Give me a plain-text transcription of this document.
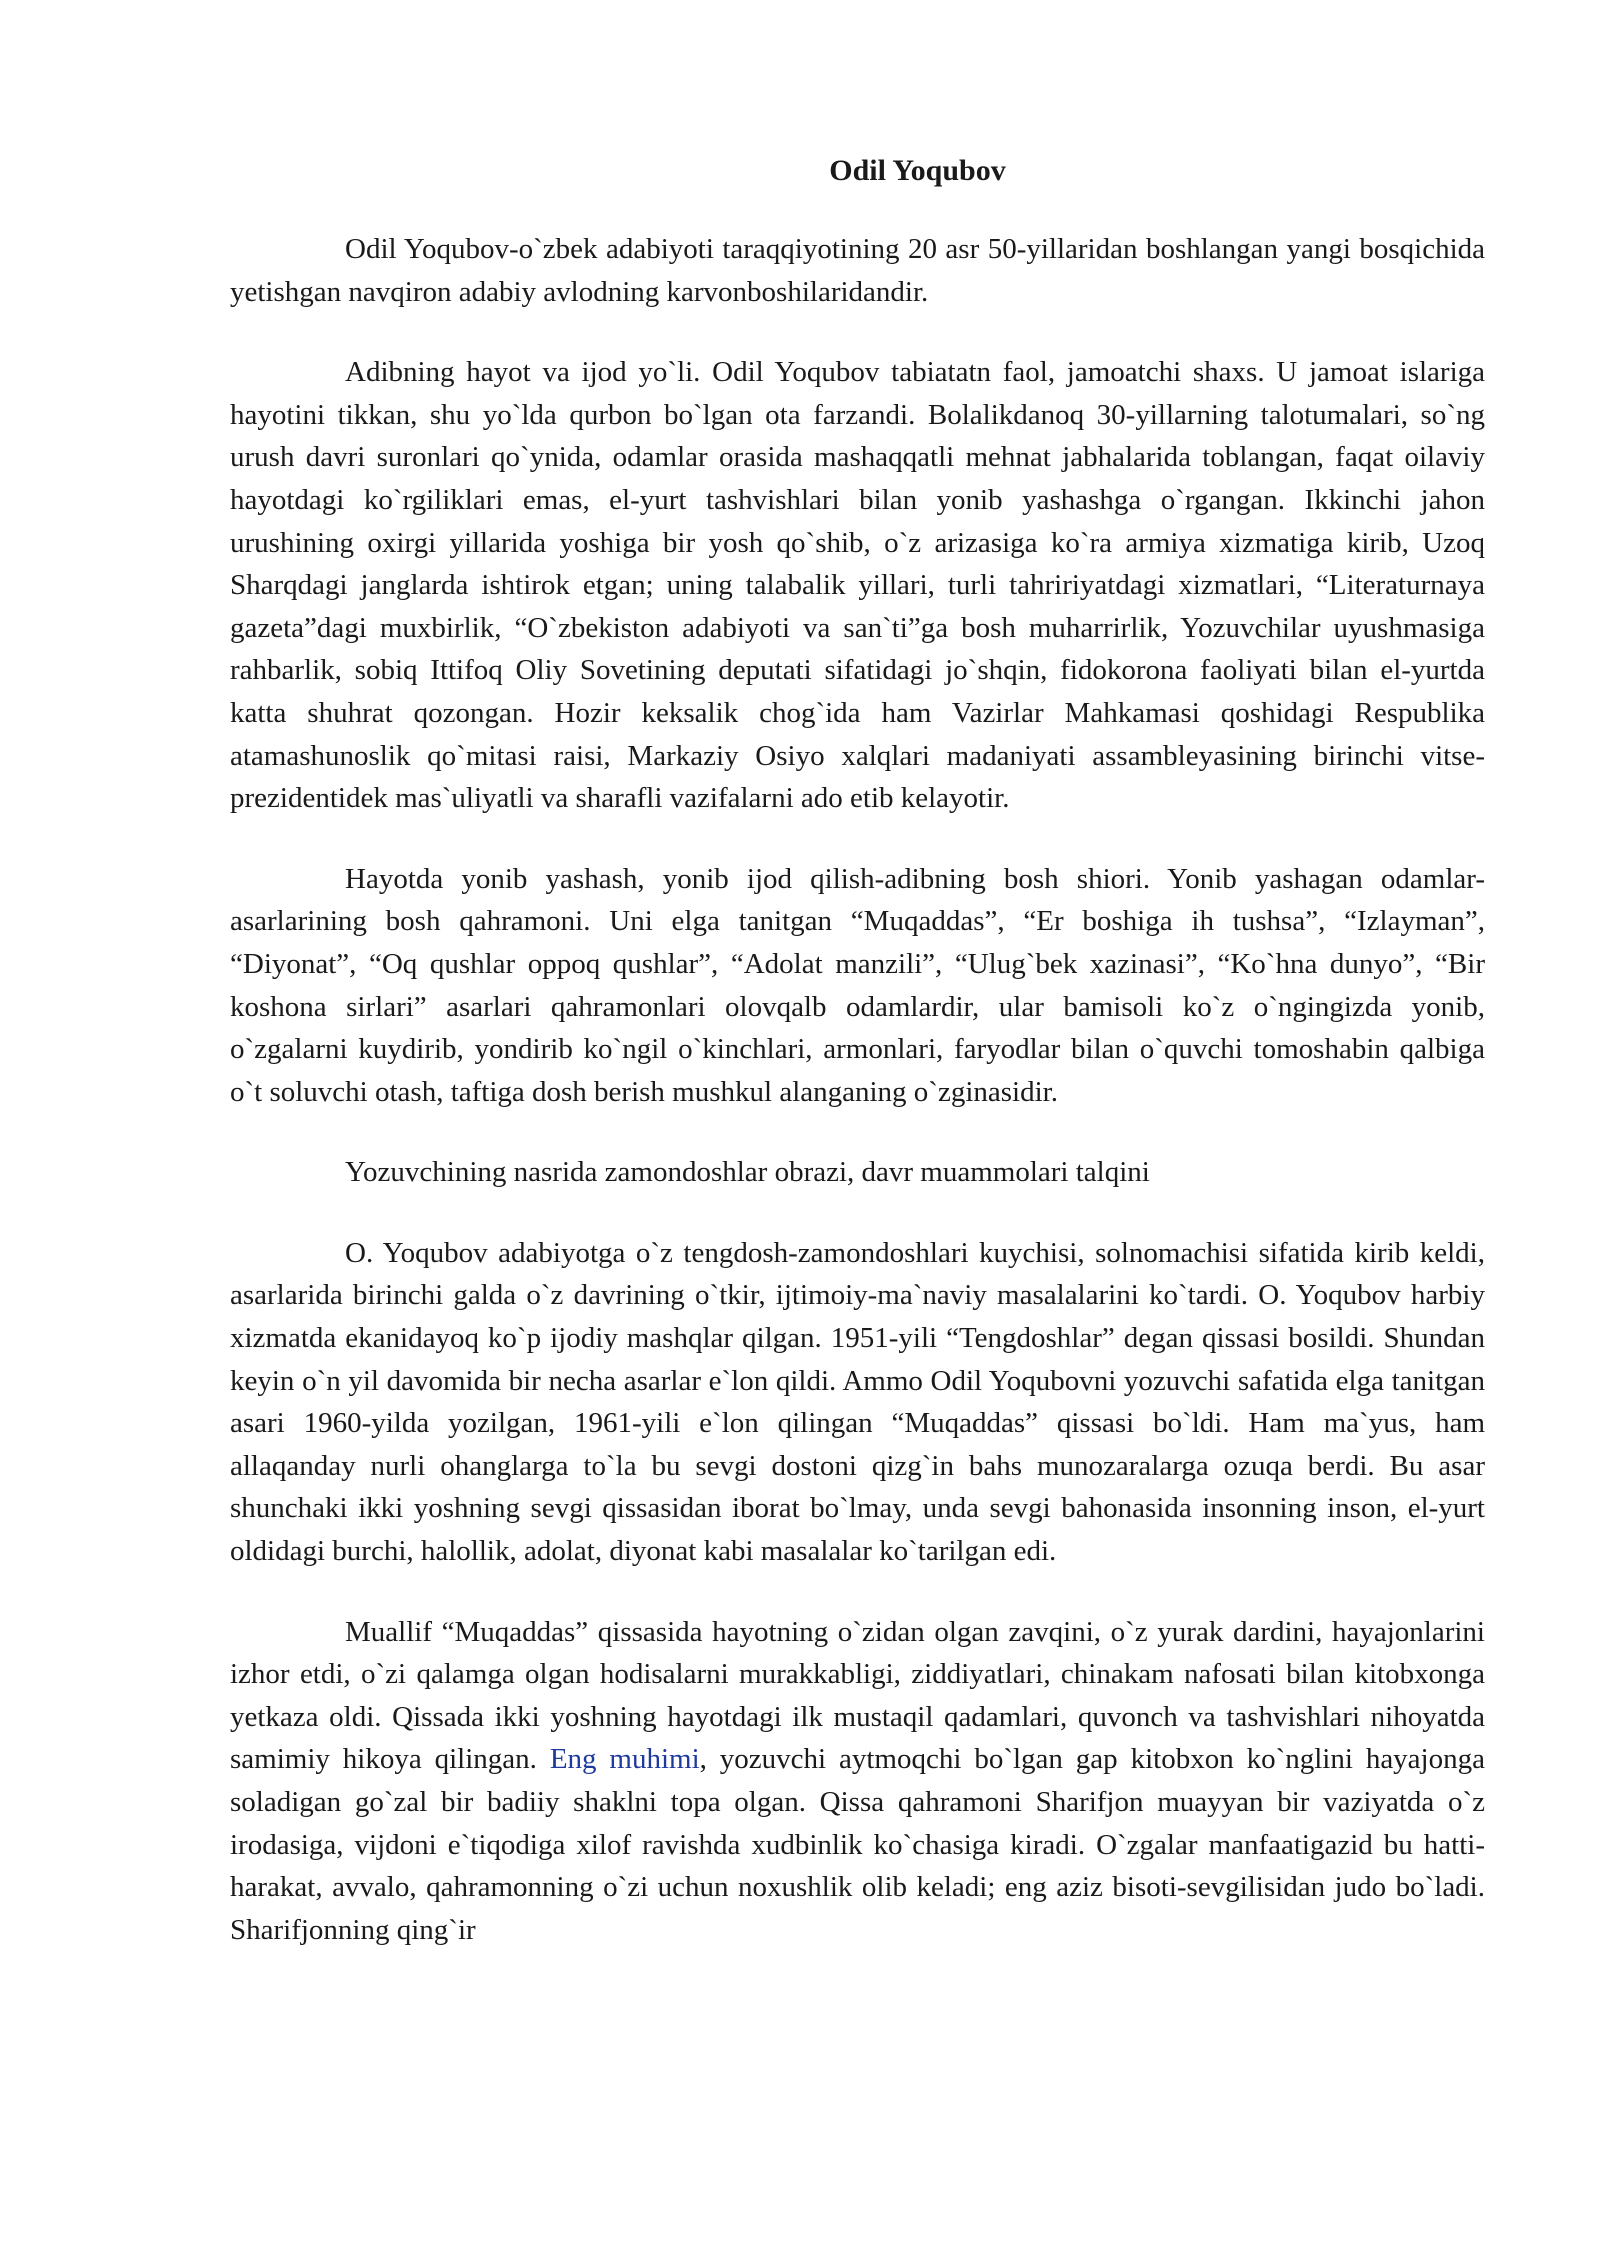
Odil Yoqubov

Odil Yoqubov-o`zbek adabiyoti taraqqiyotining 20 asr 50-yillaridan boshlangan yangi bosqichida yetishgan navqiron adabiy avlodning karvonboshilaridandir.

Adibning hayot va ijod yo`li. Odil Yoqubov tabiatatn faol, jamoatchi shaxs. U jamoat islariga hayotini tikkan, shu yo`lda qurbon bo`lgan ota farzandi. Bolalikdanoq 30-yillarning talotumalari, so`ng urush davri suronlari qo`ynida, odamlar orasida mashaqqatli mehnat jabhalarida toblangan, faqat oilaviy hayotdagi ko`rgiliklari emas, el-yurt tashvishlari bilan yonib yashashga o`rgangan. Ikkinchi jahon urushining oxirgi yillarida yoshiga bir yosh qo`shib, o`z arizasiga ko`ra armiya xizmatiga kirib, Uzoq Sharqdagi janglarda ishtirok etgan; uning talabalik yillari, turli tahririyatdagi xizmatlari, “Literaturnaya gazeta”dagi muxbirlik, “O`zbekiston adabiyoti va san`ti”ga bosh muharrirlik, Yozuvchilar uyushmasiga rahbarlik, sobiq Ittifoq Oliy Sovetining deputati sifatidagi jo`shqin, fidokorona faoliyati bilan el-yurtda katta shuhrat qozongan. Hozir keksalik chog`ida ham Vazirlar Mahkamasi qoshidagi Respublika atamashunoslik qo`mitasi raisi, Markaziy Osiyo xalqlari madaniyati assambleyasining birinchi vitse-prezidentidek mas`uliyatli va sharafli vazifalarni ado etib kelayotir.

Hayotda yonib yashash, yonib ijod qilish-adibning bosh shiori. Yonib yashagan odamlar-asarlarining bosh qahramoni. Uni elga tanitgan “Muqaddas”, “Er boshiga ih tushsa”, “Izlayman”, “Diyonat”, “Oq qushlar oppoq qushlar”, “Adolat manzili”, “Ulug`bek xazinasi”, “Ko`hna dunyo”, “Bir koshona sirlari” asarlari qahramonlari olovqalb odamlardir, ular bamisoli ko`z o`ngingizda yonib, o`zgalarni kuydirib, yondirib ko`ngil o`kinchlari, armonlari, faryodlar bilan o`quvchi tomoshabin qalbiga o`t soluvchi otash, taftiga dosh berish mushkul alanganing o`zginasidir.

Yozuvchining nasrida zamondoshlar obrazi, davr muammolari talqini

O. Yoqubov adabiyotga o`z tengdosh-zamondoshlari kuychisi, solnomachisi sifatida kirib keldi, asarlarida birinchi galda o`z davrining o`tkir, ijtimoiy-ma`naviy masalalarini ko`tardi. O. Yoqubov harbiy xizmatda ekanidayoq ko`p ijodiy mashqlar qilgan. 1951-yili “Tengdoshlar” degan qissasi bosildi. Shundan keyin o`n yil davomida bir necha asarlar e`lon qildi. Ammo Odil Yoqubovni yozuvchi safatida elga tanitgan asari 1960-yilda yozilgan, 1961-yili e`lon qilingan “Muqaddas” qissasi bo`ldi. Ham ma`yus, ham allaqanday nurli ohanglarga to`la bu sevgi dostoni qizg`in bahs munozaralarga ozuqa berdi. Bu asar shunchaki ikki yoshning sevgi qissasidan iborat bo`lmay, unda sevgi bahonasida insonning inson, el-yurt oldidagi burchi, halollik, adolat, diyonat kabi masalalar ko`tarilgan edi.

Muallif “Muqaddas” qissasida hayotning o`zidan olgan zavqini, o`z yurak dardini, hayajonlarini izhor etdi, o`zi qalamga olgan hodisalarni murakkabligi, ziddiyatlari, chinakam nafosati bilan kitobxonga yetkaza oldi. Qissada ikki yoshning hayotdagi ilk mustaqil qadamlari, quvonch va tashvishlari nihoyatda samimiy hikoya qilingan. Eng muhimi, yozuvchi aytmoqchi bo`lgan gap kitobxon ko`nglini hayajonga soladigan go`zal bir badiiy shaklni topa olgan. Qissa qahramoni Sharifjon muayyan bir vaziyatda o`z irodasiga, vijdoni e`tiqodiga xilof ravishda xudbinlik ko`chasiga kiradi. O`zgalar manfaatigazid bu hatti-harakat, avvalo, qahramonning o`zi uchun noxushlik olib keladi; eng aziz bisoti-sevgilisidan judo bo`ladi. Sharifjonning qing`ir
